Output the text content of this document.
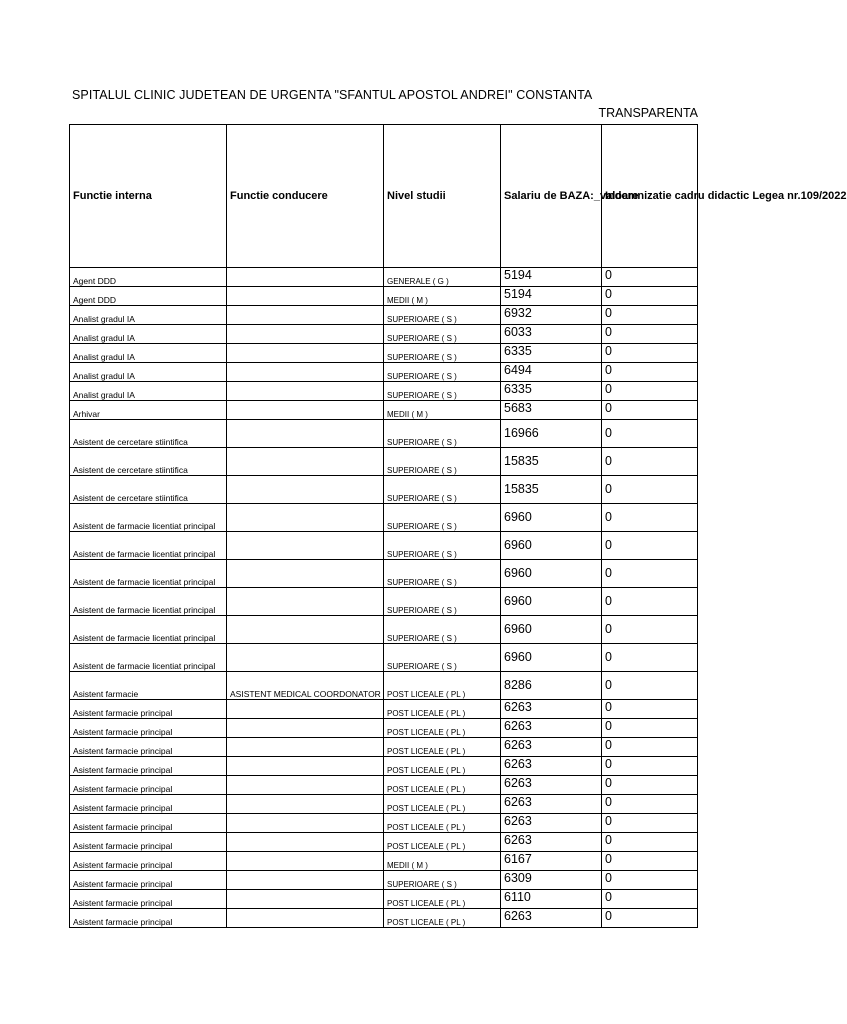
SPITALUL CLINIC JUDETEAN DE URGENTA "SFANTUL APOSTOL ANDREI" CONSTANTA
TRANSPARENTA
Functie interna	Functie conducere	Nivel studii	Salariu de BAZA:_valoare	Indemnizatie cadru didactic Legea nr.109/2022
Agent DDD		GENERALE ( G )	5194	0
Agent DDD		MEDII ( M )	5194	0
Analist gradul IA		SUPERIOARE ( S )	6932	0
Analist gradul IA		SUPERIOARE ( S )	6033	0
Analist gradul IA		SUPERIOARE ( S )	6335	0
Analist gradul IA		SUPERIOARE ( S )	6494	0
Analist gradul IA		SUPERIOARE ( S )	6335	0
Arhivar		MEDII ( M )	5683	0
Asistent de cercetare stiintifica		SUPERIOARE ( S )	16966	0
Asistent de cercetare stiintifica		SUPERIOARE ( S )	15835	0
Asistent de cercetare stiintifica		SUPERIOARE ( S )	15835	0
Asistent de farmacie licentiat principal		SUPERIOARE ( S )	6960	0
Asistent de farmacie licentiat principal		SUPERIOARE ( S )	6960	0
Asistent de farmacie licentiat principal		SUPERIOARE ( S )	6960	0
Asistent de farmacie licentiat principal		SUPERIOARE ( S )	6960	0
Asistent de farmacie licentiat principal		SUPERIOARE ( S )	6960	0
Asistent de farmacie licentiat principal		SUPERIOARE ( S )	6960	0
Asistent farmacie	ASISTENT MEDICAL COORDONATOR	POST LICEALE ( PL )	8286	0
Asistent farmacie principal		POST LICEALE ( PL )	6263	0
Asistent farmacie principal		POST LICEALE ( PL )	6263	0
Asistent farmacie principal		POST LICEALE ( PL )	6263	0
Asistent farmacie principal		POST LICEALE ( PL )	6263	0
Asistent farmacie principal		POST LICEALE ( PL )	6263	0
Asistent farmacie principal		POST LICEALE ( PL )	6263	0
Asistent farmacie principal		POST LICEALE ( PL )	6263	0
Asistent farmacie principal		POST LICEALE ( PL )	6263	0
Asistent farmacie principal		MEDII ( M )	6167	0
Asistent farmacie principal		SUPERIOARE ( S )	6309	0
Asistent farmacie principal		POST LICEALE ( PL )	6110	0
Asistent farmacie principal		POST LICEALE ( PL )	6263	0
